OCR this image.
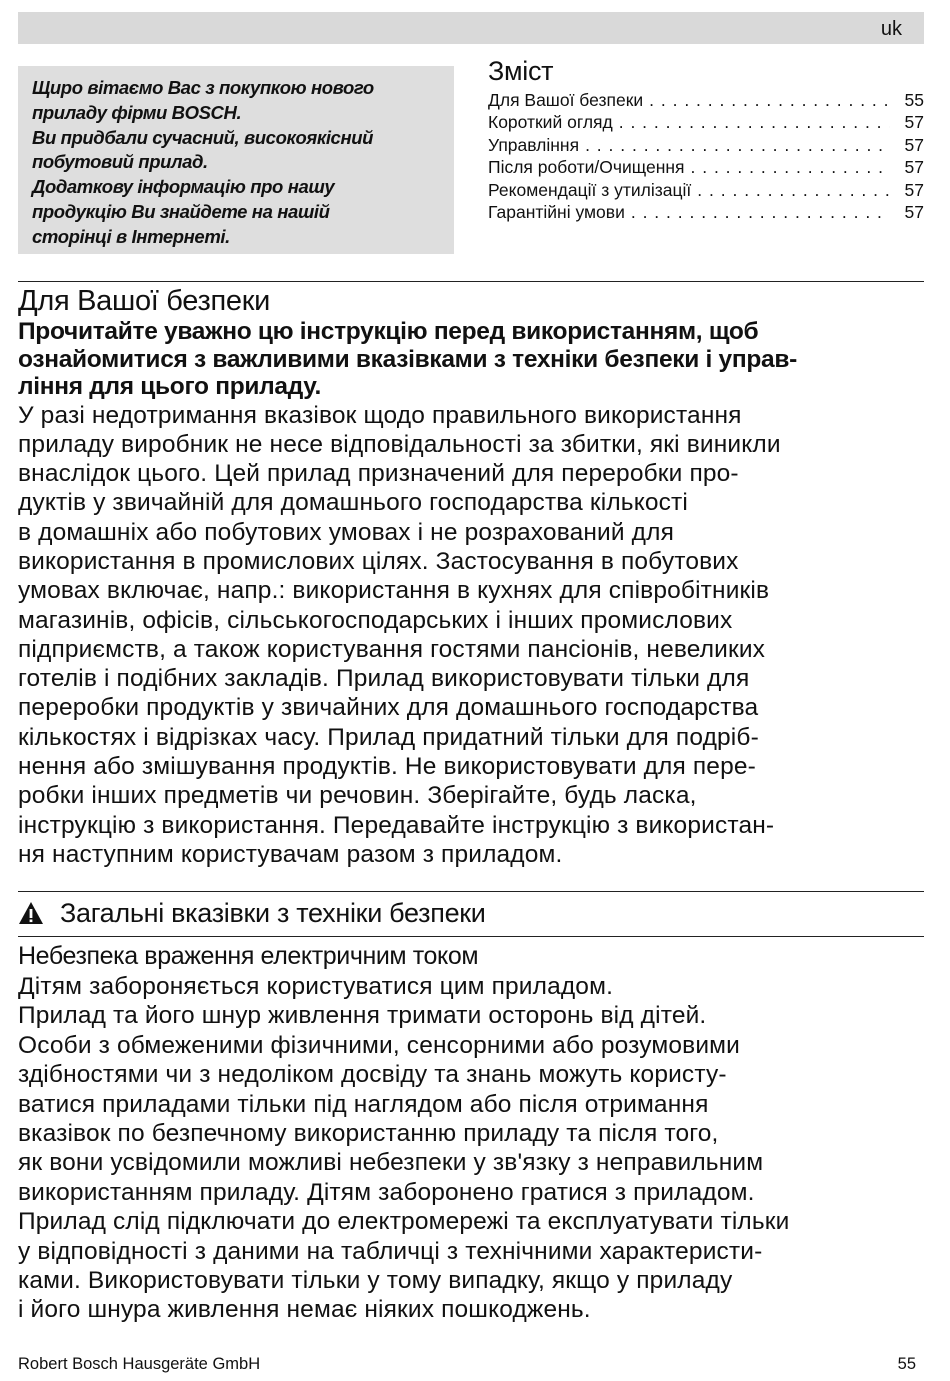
uk

Щиро вітаємо Вас з покупкою нового

приладу фірми BOSCH.

Ви придбали сучасний, високоякісний

побутовий прилад.

Додаткову інформацію про нашу

продукцію Ви знайдете на нашій

сторінці в Інтернеті.

Зміст
Для Вашої безпеки . . .	55
Короткий огляд . . .	57
Управління . . .	57
Після роботи/Очищення . . .	57
Рекомендації з утилізації . . .	57
Гарантійні умови . . .	57
Для Вашої безпеки

Прочитайте уважно цю інструкцію перед використанням, щоб

ознайомитися з важливими вказівками з техніки безпеки і управ-

ління для цього приладу.

У разі недотримання вказівок щодо правильного використання

приладу виробник не несе відповідальності за збитки, які виникли

внаслідок цього. Цей прилад призначений для переробки про-

дуктів у звичайній для домашнього господарства кількості

в домашніх або побутових умовах і не розрахований для

використання в промислових цілях. Застосування в побутових

умовах включає, напр.: використання в кухнях для співробітників

магазинів, офісів, сільськогосподарських і інших промислових

підприємств, а також користування гостями пансіонів, невеликих

готелів і подібних закладів. Прилад використовувати тільки для

переробки продуктів у звичайних для домашнього господарства

кількостях і відрізках часу. Прилад придатний тільки для подріб-

нення або змішування продуктів. Не використовувати для пере-

робки інших предметів чи речовин. Зберігайте, будь ласка,

інструкцію з використання. Передавайте інструкцію з використан-

ня наступним користувачам разом з приладом.

Загальні вказівки з техніки безпеки
Небезпека враження електричним током

Дітям забороняється користуватися цим приладом.

Прилад та його шнур живлення тримати осторонь від дітей.

Особи з обмеженими фізичними, сенсорними або розумовими

здібностями чи з недоліком досвіду та знань можуть користу-

ватися приладами тільки під наглядом або після отримання

вказівок по безпечному використанню приладу та після того,

як вони усвідомили можливі небезпеки у зв'язку з неправильним

використанням приладу. Дітям заборонено гратися з приладом.

Прилад слід підключати до електромережі та експлуатувати тільки

у відповідності з даними на табличці з технічними характеристи-

ками. Використовувати тільки у тому випадку, якщо у приладу

і його шнура живлення немає ніяких пошкоджень.

Robert Bosch Hausgeräte GmbH	55
